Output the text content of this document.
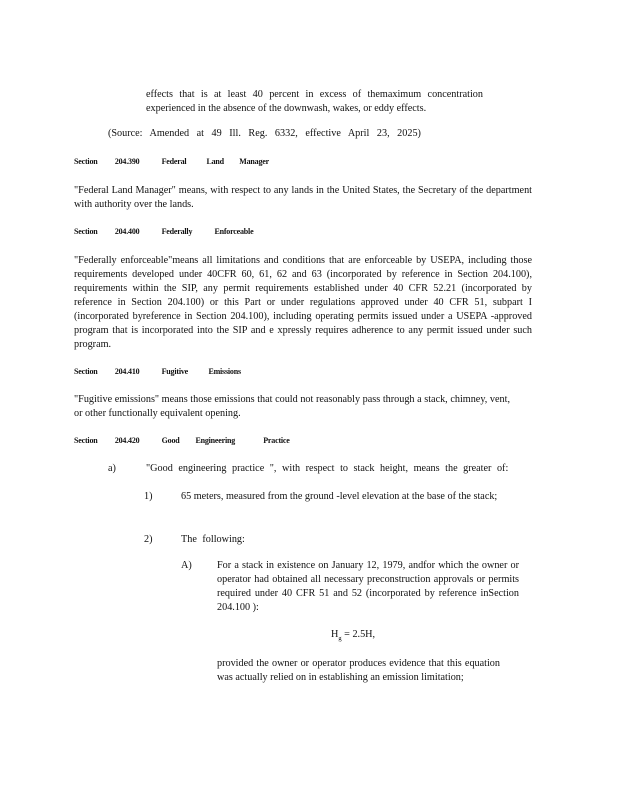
effects that is at least 40 percent in excess of themaximum concentration experienced in the absence of the downwash, wakes, or eddy effects.

(Source: Amended at 49 Ill. Reg. 6332, effective April 23, 2025)

Section 204.390	Federal	Land Manager

"Federal Land Manager" means, with respect to any lands in the United States, the Secretary of the department with authority over the lands.

Section 204.400	Federally	Enforceable

"Federally enforceable"means all limitations and conditions that are enforceable by USEPA, including those requirements developed under 40CFR 60, 61, 62 and 63 (incorporated by reference in Section 204.100), requirements within the SIP, any permit requirements established under 40 CFR 52.21 (incorporated by reference in Section 204.100) or this Part or under regulations approved under 40 CFR 51, subpart I (incorporated byreference in Section 204.100), including operating permits issued under a USEPA -approved program that is incorporated into the SIP and e xpressly requires adherence to any permit issued under such program.

Section 204.410	Fugitive	Emissions

"Fugitive emissions" means those emissions that could not reasonably pass through a stack, chimney, vent, or other functionally equivalent opening.

Section 204.420	Good Engineering	Practice
a)	"Good engineering practice ", with respect to stack height, means the greater of:

1)	65 meters, measured from the ground -level elevation at the base of the stack;

2)	The following:

A) For a stack in existence on January 12, 1979, andfor which the owner or operator had obtained all necessary preconstruction approvals or permits required under 40 CFR 51 and 52 (incorporated by reference inSection 204.100 ):

$H_g = 2.5H$,

provided the owner or operator produces evidence that this equation was actually relied on in establishing an emission limitation;
